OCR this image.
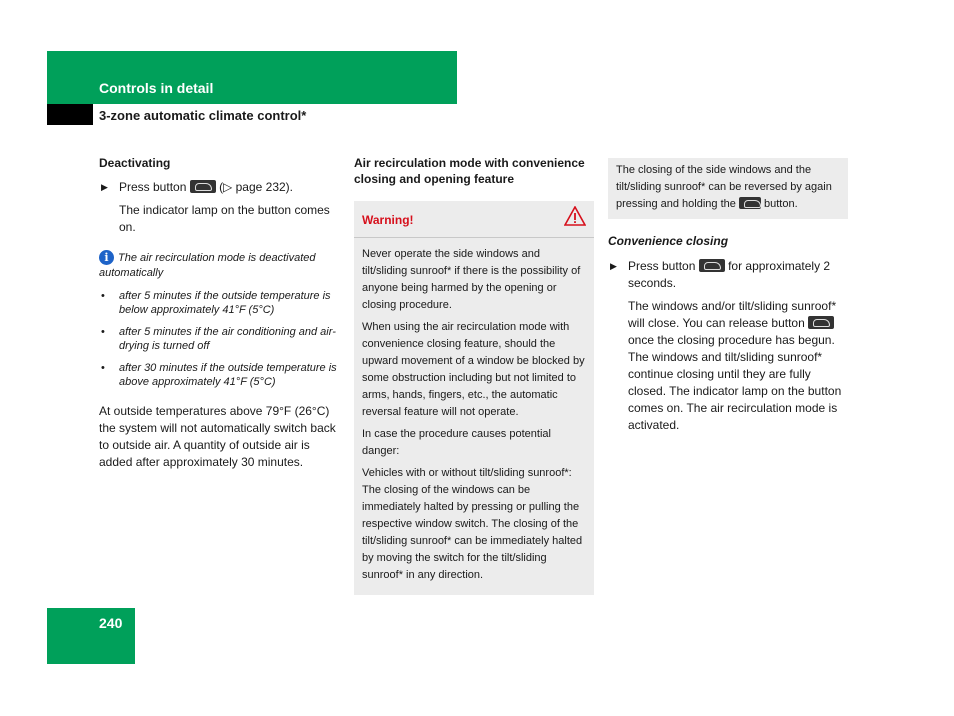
Controls in detail
3-zone automatic climate control*
Deactivating
▶ Press button	(▷ page 232).
The indicator lamp on the button comes on.
i The air recirculation mode is deactivated automatically
• after 5 minutes if the outside temperature is below approximately 41°F (5°C)
• after 5 minutes if the air conditioning and air-drying is turned off
• after 30 minutes if the outside temperature is above approximately 41°F (5°C)
At outside temperatures above 79°F (26°C) the system will not automatically switch back to outside air. A quantity of outside air is added after approximately 30 minutes.
Air recirculation mode with convenience closing and opening feature
Warning!

Never operate the side windows and tilt/sliding sunroof* if there is the possibility of anyone being harmed by the opening or closing procedure.

When using the air recirculation mode with convenience closing feature, should the upward movement of a window be blocked by some obstruction including but not limited to arms, hands, fingers, etc., the automatic reversal feature will not operate.

In case the procedure causes potential danger:

Vehicles with or without tilt/sliding sunroof*: The closing of the windows can be immediately halted by pressing or pulling the respective window switch. The closing of the tilt/sliding sunroof* can be immediately halted by moving the switch for the tilt/sliding sunroof* in any direction.

The closing of the side windows and the tilt/sliding sunroof* can be reversed by again pressing and holding the	button.
Convenience closing
▶ Press button	for approximately 2 seconds.
The windows and/or tilt/sliding sunroof* will close. You can release button  once the closing procedure has begun. The windows and tilt/sliding sunroof* continue closing until they are fully closed. The indicator lamp on the button comes on. The air recirculation mode is activated.
240
